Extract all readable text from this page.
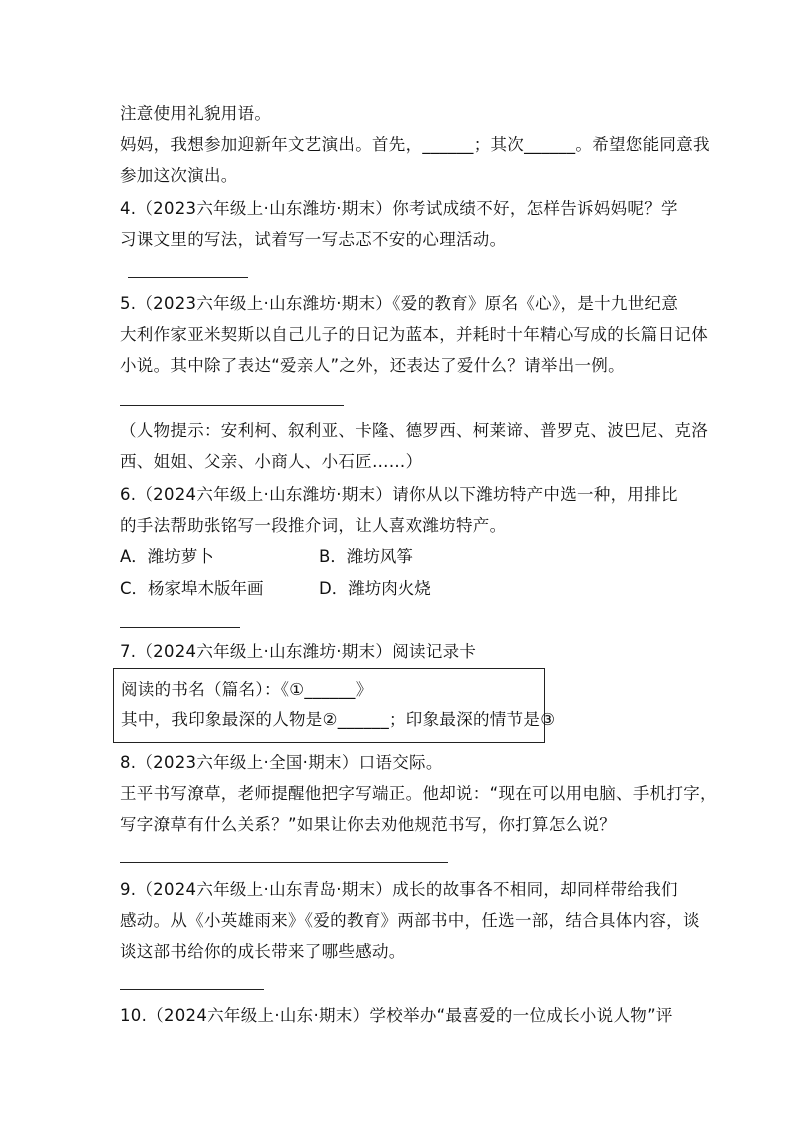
注意使用礼貌用语。
妈妈，我想参加迎新年文艺演出。首先，______；其次______。希望您能同意我
参加这次演出。
4.（2023六年级上·山东潍坊·期末）你考试成绩不好，怎样告诉妈妈呢？学
习课文里的写法，试着写一写忐忑不安的心理活动。
5.（2023六年级上·山东潍坊·期末）《爱的教育》原名《心》，是十九世纪意
大利作家亚米契斯以自己儿子的日记为蓝本，并耗时十年精心写成的长篇日记体
小说。其中除了表达“爱亲人”之外，还表达了爱什么？请举出一例。
（人物提示：安利柯、叙利亚、卡隆、德罗西、柯莱谛、普罗克、波巴尼、克洛
西、姐姐、父亲、小商人、小石匠……）
6.（2024六年级上·山东潍坊·期末）请你从以下潍坊特产中选一种，用排比
的手法帮助张铭写一段推介词，让人喜欢潍坊特产。
A．潍坊萝卜	B．潍坊风筝
C．杨家埠木版年画	D．潍坊肉火烧
7.（2024六年级上·山东潍坊·期末）阅读记录卡
阅读的书名（篇名）：《①______》
其中，我印象最深的人物是②______；印象最深的情节是③
8.（2023六年级上·全国·期末）口语交际。
王平书写潦草，老师提醒他把字写端正。他却说：“现在可以用电脑、手机打字，
写字潦草有什么关系？”如果让你去劝他规范书写，你打算怎么说？
9.（2024六年级上·山东青岛·期末）成长的故事各不相同，却同样带给我们
感动。从《小英雄雨来》《爱的教育》两部书中，任选一部，结合具体内容，谈
谈这部书给你的成长带来了哪些感动。
10.（2024六年级上·山东·期末）学校举办“最喜爱的一位成长小说人物”评
